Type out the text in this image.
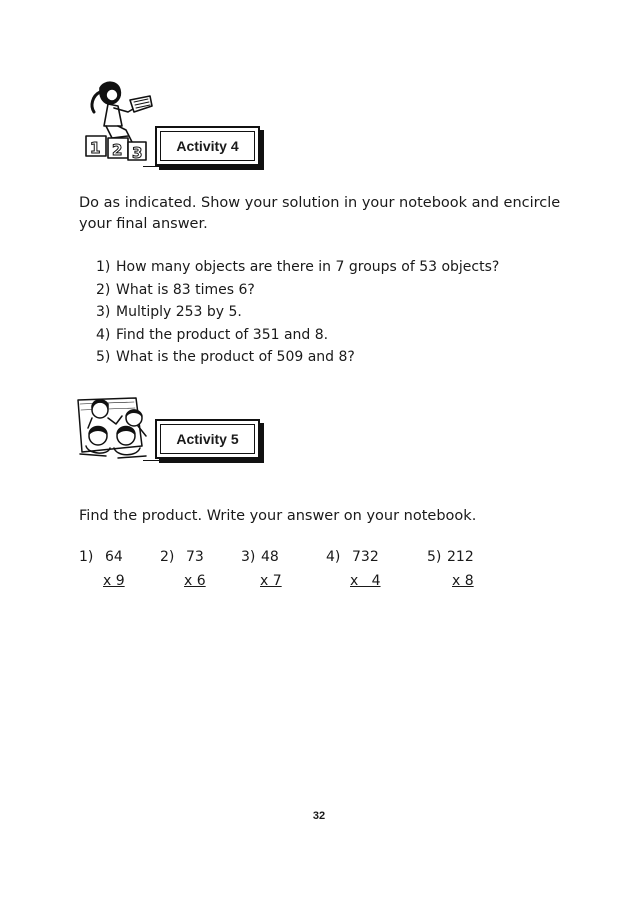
1 2 3	Activity 4
Do as indicated. Show your solution in your notebook and encircle your final answer.
1) How many objects are there in 7 groups of 53 objects?
2) What is 83 times 6?
3) Multiply 253 by 5.
4) Find the product of 351 and 8.
5) What is the product of 509 and 8?
Activity 5
Find the product. Write your answer on your notebook.
1) 64
x 9
2) 73
x 6
3) 48
x 7
4) 732
x   4
5) 212
x 8
32
